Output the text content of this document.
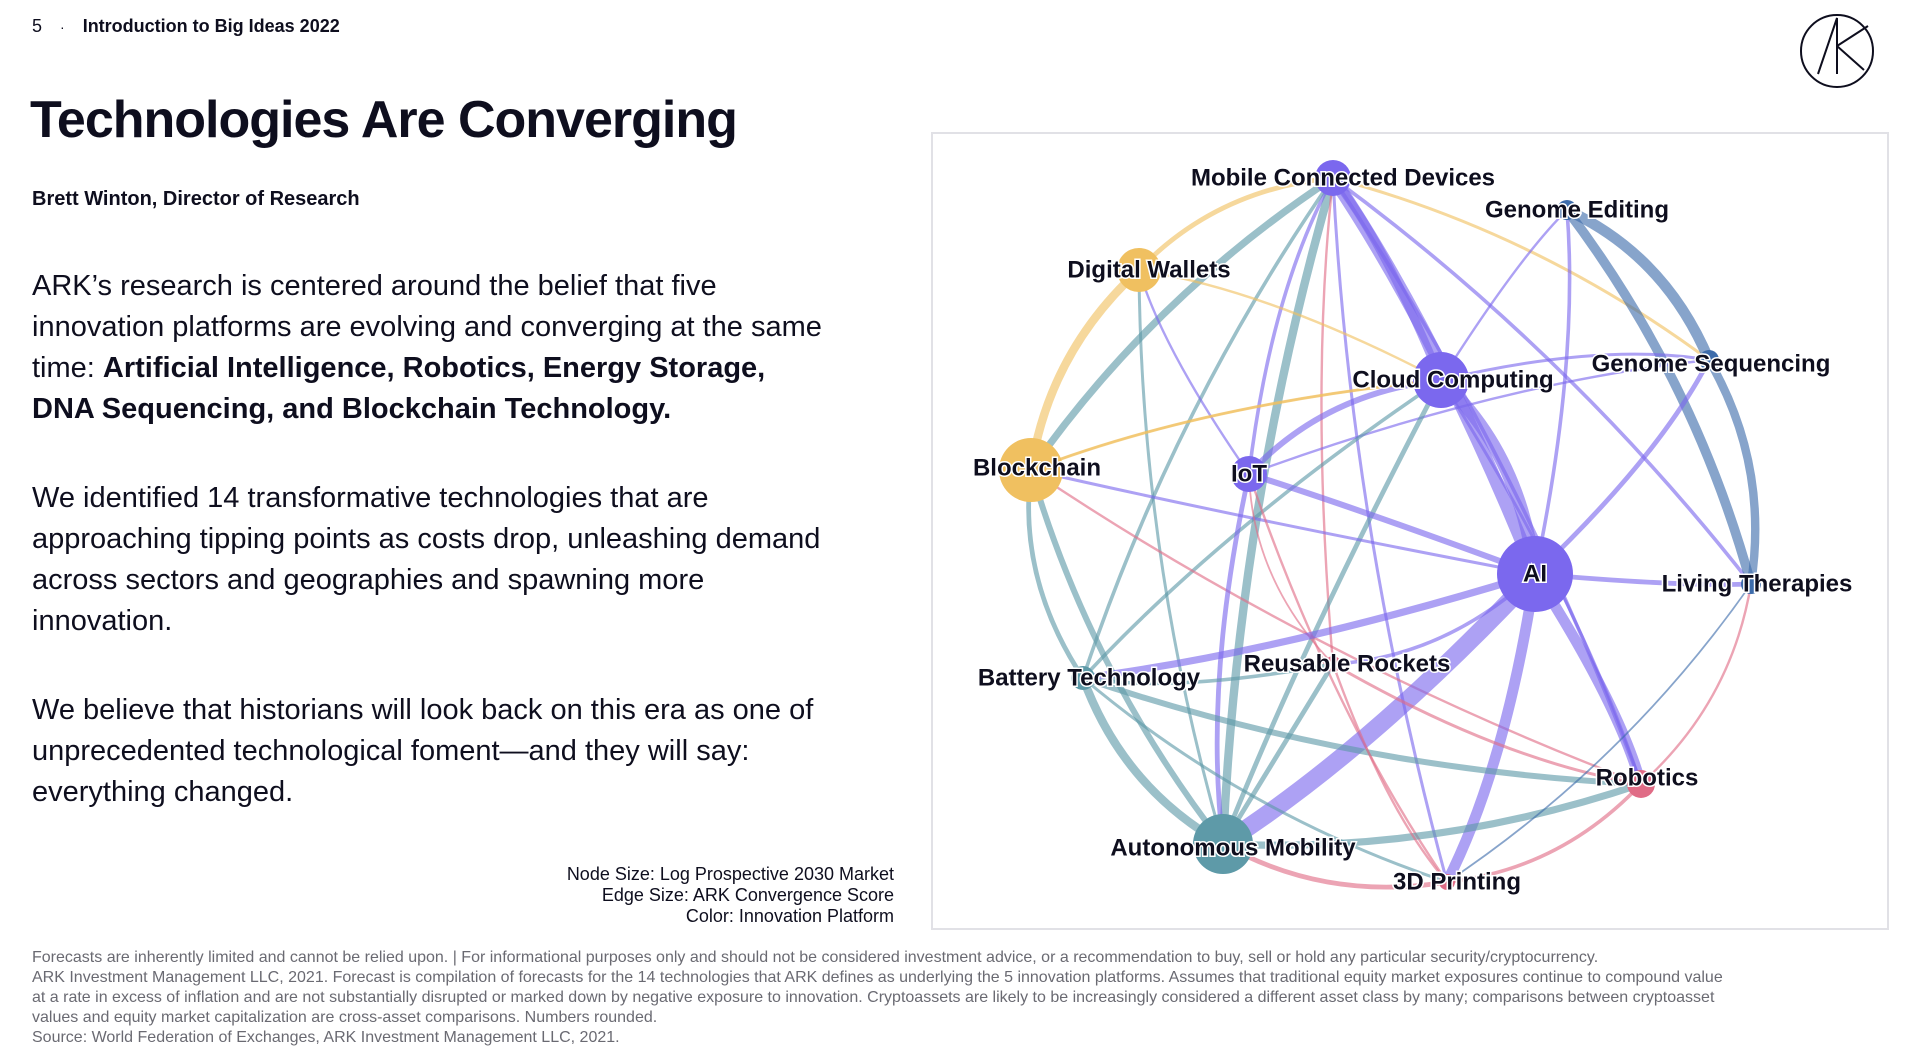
5 · Introduction to Big Ideas 2022
Technologies Are Converging
Brett Winton, Director of Research
ARK’s research is centered around the belief that five innovation platforms are evolving and converging at the same time: Artificial Intelligence, Robotics, Energy Storage, DNA Sequencing, and Blockchain Technology.
We identified 14 transformative technologies that are approaching tipping points as costs drop, unleashing demand across sectors and geographies and spawning more innovation.
We believe that historians will look back on this era as one of unprecedented technological foment—and they will say: everything changed.
Node Size: Log Prospective 2030 Market
Edge Size: ARK Convergence Score
Color: Innovation Platform
Mobile Connected Devices
Genome Editing
Digital Wallets
Cloud Computing
Genome Sequencing
Blockchain	IoT
AI	Living Therapies
Battery Technology
Reusable Rockets
Robotics
Autonomous Mobility
3D Printing
Forecasts are inherently limited and cannot be relied upon. | For informational purposes only and should not be considered investment advice, or a recommendation to buy, sell or hold any particular security/cryptocurrency.
ARK Investment Management LLC, 2021. Forecast is compilation of forecasts for the 14 technologies that ARK defines as underlying the 5 innovation platforms. Assumes that traditional equity market exposures continue to compound value
at a rate in excess of inflation and are not substantially disrupted or marked down by negative exposure to innovation. Cryptoassets are likely to be increasingly considered a different asset class by many; comparisons between cryptoasset
values and equity market capitalization are cross-asset comparisons. Numbers rounded.
Source: World Federation of Exchanges, ARK Investment Management LLC, 2021.
